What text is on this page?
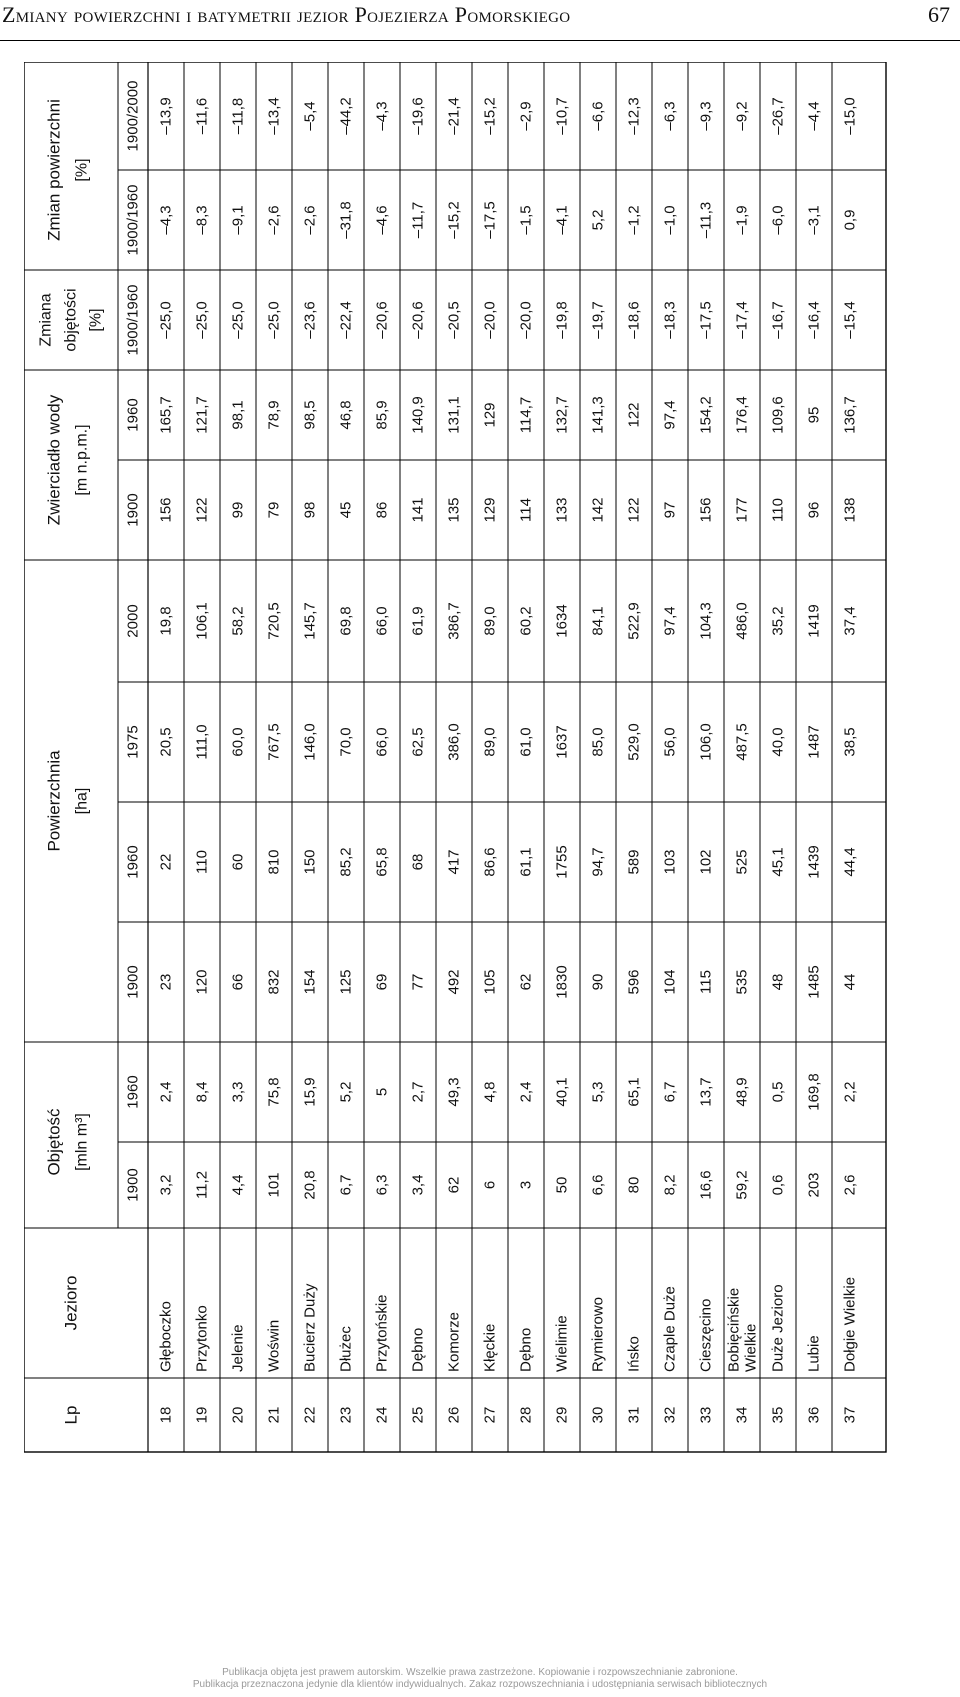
Zmiany powierzchni i batymetrii jezior Pojezierza Pomorskiego	67
Lp
Jezioro
Objętość [mln m³]
Powierzchnia [ha]
Zwierciadło wody [m n.p.m.]
Zmiana objętości [%]
Zmian powierzchni [%]
1900
1960
1900
1960
1975
2000
1900
1960
1900/1960
1900/1960
1900/2000
18
Głęboczko
3,2
2,4
23
22
20,5
19,8
156
165,7
–25,0
–4,3
–13,9
19
Przytonko
11,2
8,4
120
110
111,0
106,1
122
121,7
–25,0
–8,3
–11,6
20
Jelenie
4,4
3,3
66
60
60,0
58,2
99
98,1
–25,0
–9,1
–11,8
21
Woświn
101
75,8
832
810
767,5
720,5
79
78,9
–25,0
–2,6
–13,4
22
Bucierz Duży
20,8
15,9
154
150
146,0
145,7
98
98,5
–23,6
–2,6
–5,4
23
Dłużec
6,7
5,2
125
85,2
70,0
69,8
45
46,8
–22,4
–31,8
–44,2
24
Przytońskie
6,3
5
69
65,8
66,0
66,0
86
85,9
–20,6
–4,6
–4,3
25
Dębno
3,4
2,7
77
68
62,5
61,9
141
140,9
–20,6
–11,7
–19,6
26
Komorze
62
49,3
492
417
386,0
386,7
135
131,1
–20,5
–15,2
–21,4
27
Kłęckie
6
4,8
105
86,6
89,0
89,0
129
129
–20,0
–17,5
–15,2
28
Dębno
3
2,4
62
61,1
61,0
60,2
114
114,7
–20,0
–1,5
–2,9
29
Wielimie
50
40,1
1830
1755
1637
1634
133
132,7
–19,8
–4,1
–10,7
30
Rymierowo
6,6
5,3
90
94,7
85,0
84,1
142
141,3
–19,7
5,2
–6,6
31
Ińsko
80
65,1
596
589
529,0
522,9
122
122
–18,6
–1,2
–12,3
32
Czaple Duże
8,2
6,7
104
103
56,0
97,4
97
97,4
–18,3
–1,0
–6,3
33
Cieszęcino
16,6
13,7
115
102
106,0
104,3
156
154,2
–17,5
–11,3
–9,3
34
Bobięcińskie Wielkie
59,2
48,9
535
525
487,5
486,0
177
176,4
–17,4
–1,9
–9,2
35
Duże Jezioro
0,6
0,5
48
45,1
40,0
35,2
110
109,6
–16,7
–6,0
–26,7
36
Lubie
203
169,8
1485
1439
1487
1419
96
95
–16,4
–3,1
–4,4
37
Dołgie Wielkie
2,6
2,2
44
44,4
38,5
37,4
138
136,7
–15,4
0,9
–15,0
Publikacja objęta jest prawem autorskim. Wszelkie prawa zastrzeżone. Kopiowanie i rozpowszechnianie zabronione.
Publikacja przeznaczona jedynie dla klientów indywidualnych. Zakaz rozpowszechniania i udostępniania serwisach bibliotecznych
